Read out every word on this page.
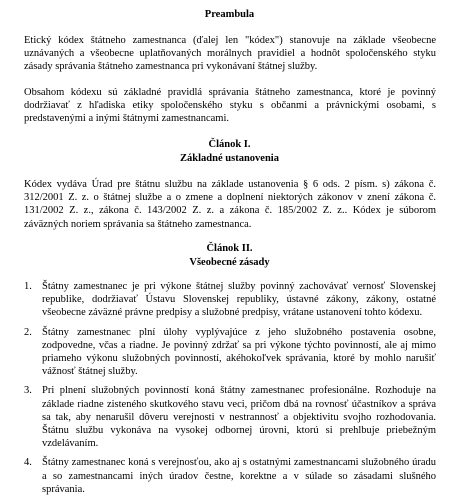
Preambula

Etický kódex štátneho zamestnanca (ďalej len "kódex") stanovuje na základe všeobecne uznávaných a všeobecne uplatňovaných morálnych pravidiel a hodnôt spoločenského styku zásady správania štátneho zamestnanca pri vykonávaní štátnej služby.

Obsahom kódexu sú základné pravidlá správania štátneho zamestnanca, ktoré je povinný dodržiavať z hľadiska etiky spoločenského styku s občanmi a právnickými osobami, s predstavenými a inými štátnymi zamestnancami.

Článok I.
Základné ustanovenia

Kódex vydáva Úrad pre štátnu službu na základe ustanovenia § 6 ods. 2 písm. s) zákona č. 312/2001 Z. z. o štátnej službe a o zmene a doplnení niektorých zákonov v znení zákona č. 131/2002 Z. z., zákona č. 143/2002 Z. z. a zákona č. 185/2002 Z. z.. Kódex je súborom záväzných noriem správania sa štátneho zamestnanca.

Článok II.
Všeobecné zásady
1. Štátny zamestnanec je pri výkone štátnej služby povinný zachovávať vernosť Slovenskej republike, dodržiavať Ústavu Slovenskej republiky, ústavné zákony, zákony, ostatné všeobecne záväzné právne predpisy a služobné predpisy, vrátane ustanovení tohto kódexu.
2. Štátny zamestnanec plní úlohy vyplývajúce z jeho služobného postavenia osobne, zodpovedne, včas a riadne. Je povinný zdržať sa pri výkone týchto povinností, ale aj mimo priameho výkonu služobných povinností, akéhokoľvek správania, ktoré by mohlo narušiť vážnosť štátnej služby.
3. Pri plnení služobných povinností koná štátny zamestnanec profesionálne. Rozhoduje na základe riadne zisteného skutkového stavu veci, pričom dbá na rovnosť účastníkov a správa sa tak, aby nenarušil dôveru verejnosti v nestrannosť a objektivitu svojho rozhodovania. Štátnu službu vykonáva na vysokej odbornej úrovni, ktorú si prehlbuje priebežným vzdelávaním.
4. Štátny zamestnanec koná s verejnosťou, ako aj s ostatnými zamestnancami služobného úradu a so zamestnancami iných úradov čestne, korektne a v súlade so zásadami slušného správania.
